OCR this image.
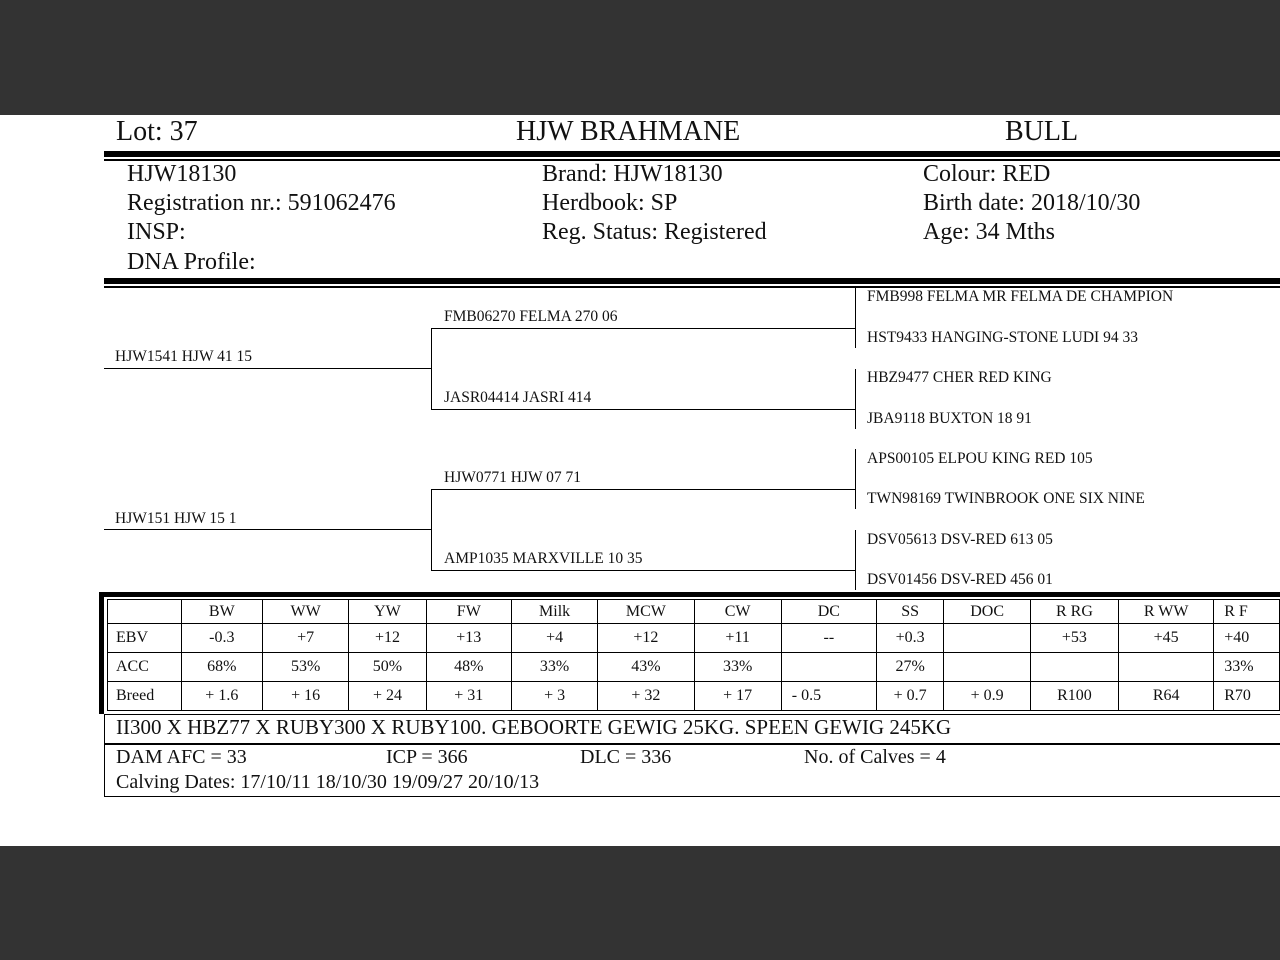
Lot: 37	HJW BRAHMANE	BULL
HJW18130
Registration nr.: 591062476
INSP:
DNA Profile:
Brand: HJW18130
Herdbook: SP
Reg. Status: Registered
Colour: RED
Birth date: 2018/10/30
Age: 34 Mths
HJW1541 HJW 41 15
HJW151 HJW 15 1
FMB06270 FELMA 270 06
JASR04414 JASRI 414
HJW0771 HJW 07 71
AMP1035 MARXVILLE 10 35
FMB998 FELMA MR FELMA DE CHAMPION
HST9433 HANGING-STONE LUDI 94 33
HBZ9477 CHER RED KING
JBA9118 BUXTON 18 91
APS00105 ELPOU KING RED 105
TWN98169 TWINBROOK ONE SIX NINE
DSV05613 DSV-RED 613 05
DSV01456 DSV-RED 456 01
	BW	WW	YW	FW	Milk	MCW	CW	DC	SS	DOC	R RG	R WW	R F
EBV	-0.3	+7	+12	+13	+4	+12	+11	--	+0.3		+53	+45	+40
ACC	68%	53%	50%	48%	33%	43%	33%		27%				33%
Breed	+ 1.6	+ 16	+ 24	+ 31	+ 3	+ 32	+ 17	- 0.5	+ 0.7	+ 0.9	R100	R64	R70
II300 X HBZ77 X RUBY300 X RUBY100. GEBOORTE GEWIG 25KG. SPEEN GEWIG 245KG
DAM AFC = 33	ICP = 366	DLC = 336	No. of Calves = 4
Calving Dates: 17/10/11 18/10/30 19/09/27 20/10/13
